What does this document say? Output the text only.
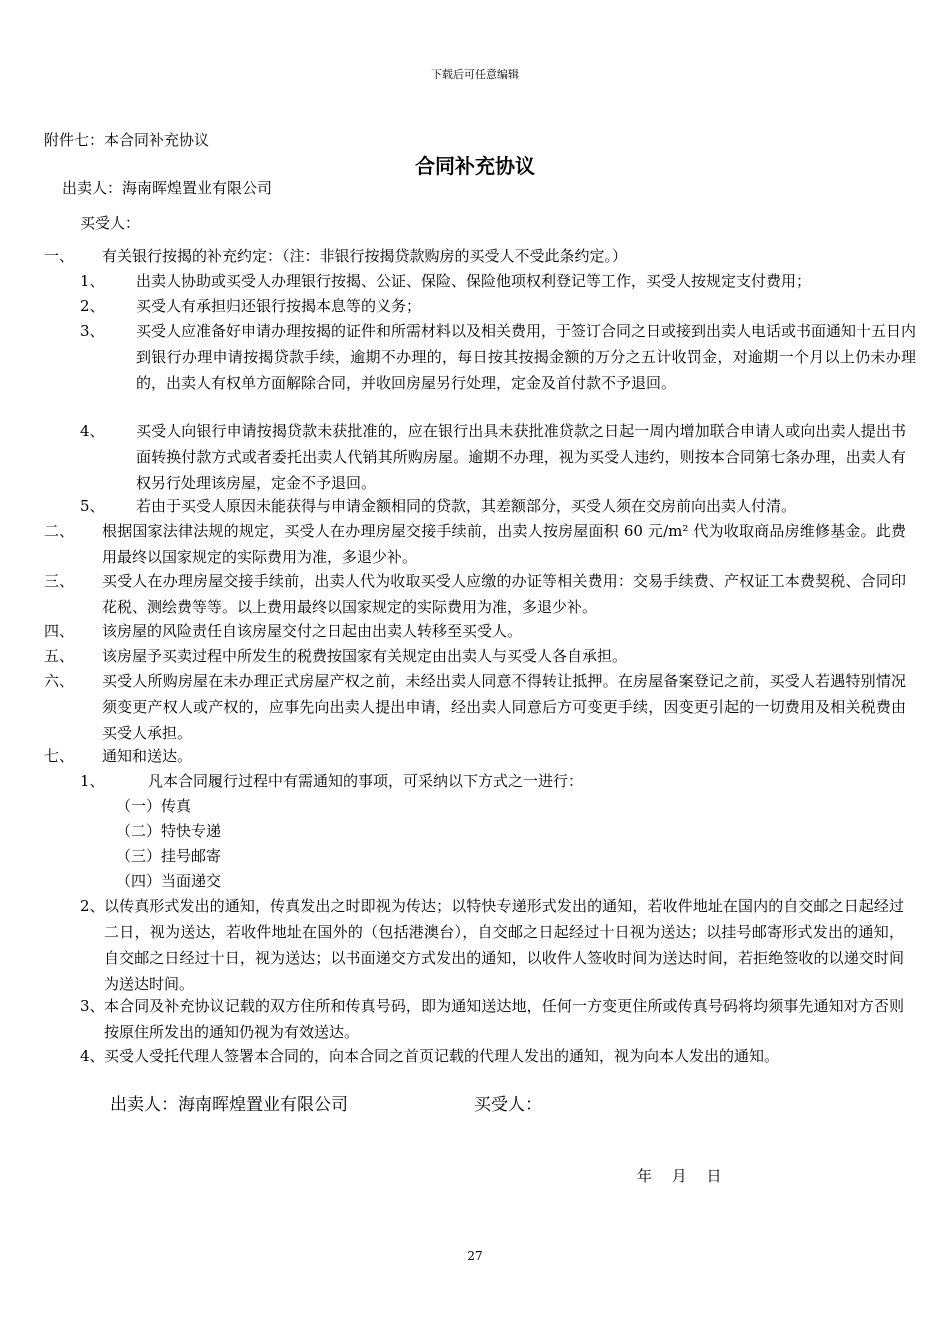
下载后可任意编辑
附件七：本合同补充协议
合同补充协议
出卖人：海南晖煌置业有限公司
买受人：
一、 有关银行按揭的补充约定：（注：非银行按揭贷款购房的买受人不受此条约定。）
1、 出卖人协助或买受人办理银行按揭、公证、保险、保险他项权利登记等工作，买受人按规定支付费用；
2、 买受人有承担归还银行按揭本息等的义务；
3、 买受人应准备好申请办理按揭的证件和所需材料以及相关费用，于签订合同之日或接到出卖人电话或书面通知十五日内到银行办理申请按揭贷款手续，逾期不办理的，每日按其按揭金额的万分之五计收罚金，对逾期一个月以上仍未办理的，出卖人有权单方面解除合同，并收回房屋另行处理，定金及首付款不予退回。
4、 买受人向银行申请按揭贷款未获批准的，应在银行出具未获批准贷款之日起一周内增加联合申请人或向出卖人提出书面转换付款方式或者委托出卖人代销其所购房屋。逾期不办理，视为买受人违约，则按本合同第七条办理，出卖人有权另行处理该房屋，定金不予退回。
5、 若由于买受人原因未能获得与申请金额相同的贷款，其差额部分，买受人须在交房前向出卖人付清。
二、 根据国家法律法规的规定，买受人在办理房屋交接手续前，出卖人按房屋面积 60 元/m² 代为收取商品房维修基金。此费用最终以国家规定的实际费用为准，多退少补。
三、 买受人在办理房屋交接手续前，出卖人代为收取买受人应缴的办证等相关费用：交易手续费、产权证工本费契税、合同印花税、测绘费等等。以上费用最终以国家规定的实际费用为准，多退少补。
四、 该房屋的风险责任自该房屋交付之日起由出卖人转移至买受人。
五、 该房屋予买卖过程中所发生的税费按国家有关规定由出卖人与买受人各自承担。
六、 买受人所购房屋在未办理正式房屋产权之前，未经出卖人同意不得转让抵押。在房屋备案登记之前，买受人若遇特别情况须变更产权人或产权的，应事先向出卖人提出申请，经出卖人同意后方可变更手续，因变更引起的一切费用及相关税费由买受人承担。
七、 通知和送达。
1、	凡本合同履行过程中有需通知的事项，可采纳以下方式之一进行：
（一）传真
（二）特快专递
（三）挂号邮寄
（四）当面递交
2、 以传真形式发出的通知，传真发出之时即视为传达；以特快专递形式发出的通知，若收件地址在国内的自交邮之日起经过二日，视为送达，若收件地址在国外的（包括港澳台），自交邮之日起经过十日视为送达；以挂号邮寄形式发出的通知，自交邮之日经过十日，视为送达；以书面递交方式发出的通知，以收件人签收时间为送达时间，若拒绝签收的以递交时间为送达时间。
3、 本合同及补充协议记载的双方住所和传真号码，即为通知送达地，任何一方变更住所或传真号码将均须事先通知对方否则按原住所发出的通知仍视为有效送达。
4、 买受人受托代理人签署本合同的，向本合同之首页记载的代理人发出的通知，视为向本人发出的通知。
出卖人：海南晖煌置业有限公司	买受人：
年　 月　 日
27
